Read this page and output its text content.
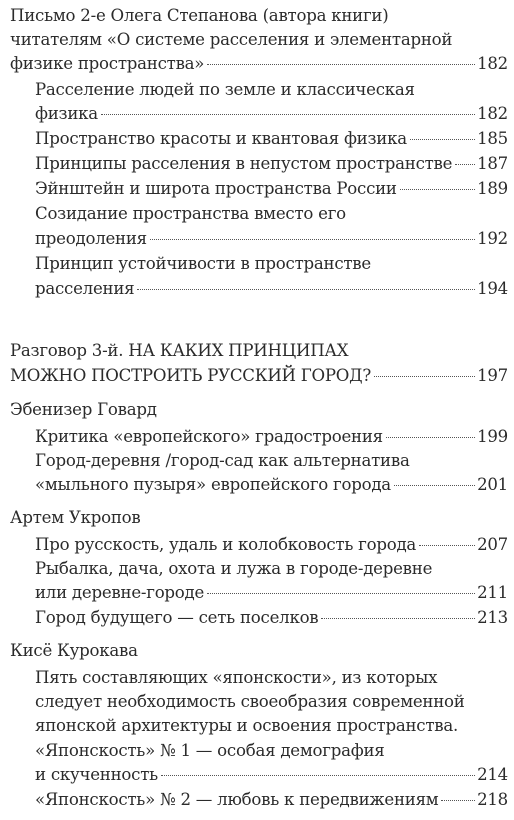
Письмо 2-е Олега Степанова (автора книги)
читателям «О системе расселения и элементарной
физике пространства»	182
Расселение людей по земле и классическая
физика	182
Пространство красоты и квантовая физика	185
Принципы расселения в непустом пространстве 187
Эйнштейн и широта пространства России	189
Созидание пространства вместо его
преодоления	192
Принцип устойчивости в пространстве
расселения	194
Разговор 3-й. НА КАКИХ ПРИНЦИПАХ
МОЖНО ПОСТРОИТЬ РУССКИЙ ГОРОД?	197
Эбенизер Говард
Критика «европейского» градостроения	199
Город-деревня /город-сад как альтернатива
«мыльного пузыря» европейского города	201
Артем Укропов
Про русскость, удаль и колобковость города	207
Рыбалка, дача, охота и лужа в городе-деревне
или деревне-городе	211
Город будущего — сеть поселков	213
Кисё Курокава
Пять составляющих «японскости», из которых
следует необходимость своеобразия современной
японской архитектуры и освоения пространства.
«Японскость» № 1 — особая демография
и скученность	214
«Японскость» № 2 — любовь к передвижениям 218
